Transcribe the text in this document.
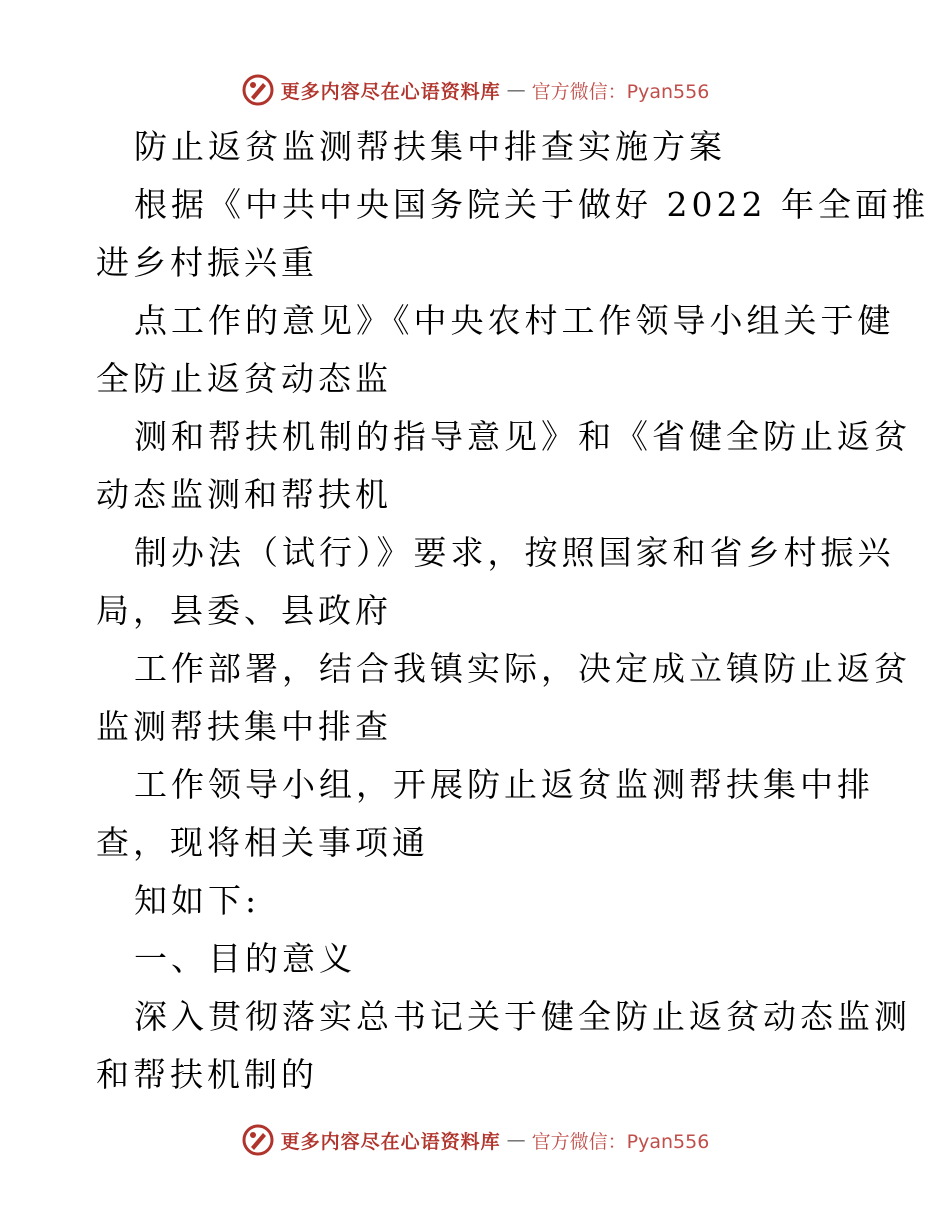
更多内容尽在心语资料库 — 官方微信：Pyan556
防止返贫监测帮扶集中排查实施方案
根据《中共中央国务院关于做好 2022 年全面推
进乡村振兴重
点工作的意见》《中央农村工作领导小组关于健
全防止返贫动态监
测和帮扶机制的指导意见》和《省健全防止返贫
动态监测和帮扶机
制办法（试行）》要求，按照国家和省乡村振兴
局，县委、县政府
工作部署，结合我镇实际，决定成立镇防止返贫
监测帮扶集中排查
工作领导小组，开展防止返贫监测帮扶集中排
查，现将相关事项通
知如下:
一、目的意义
深入贯彻落实总书记关于健全防止返贫动态监测
和帮扶机制的
更多内容尽在心语资料库 — 官方微信：Pyan556
